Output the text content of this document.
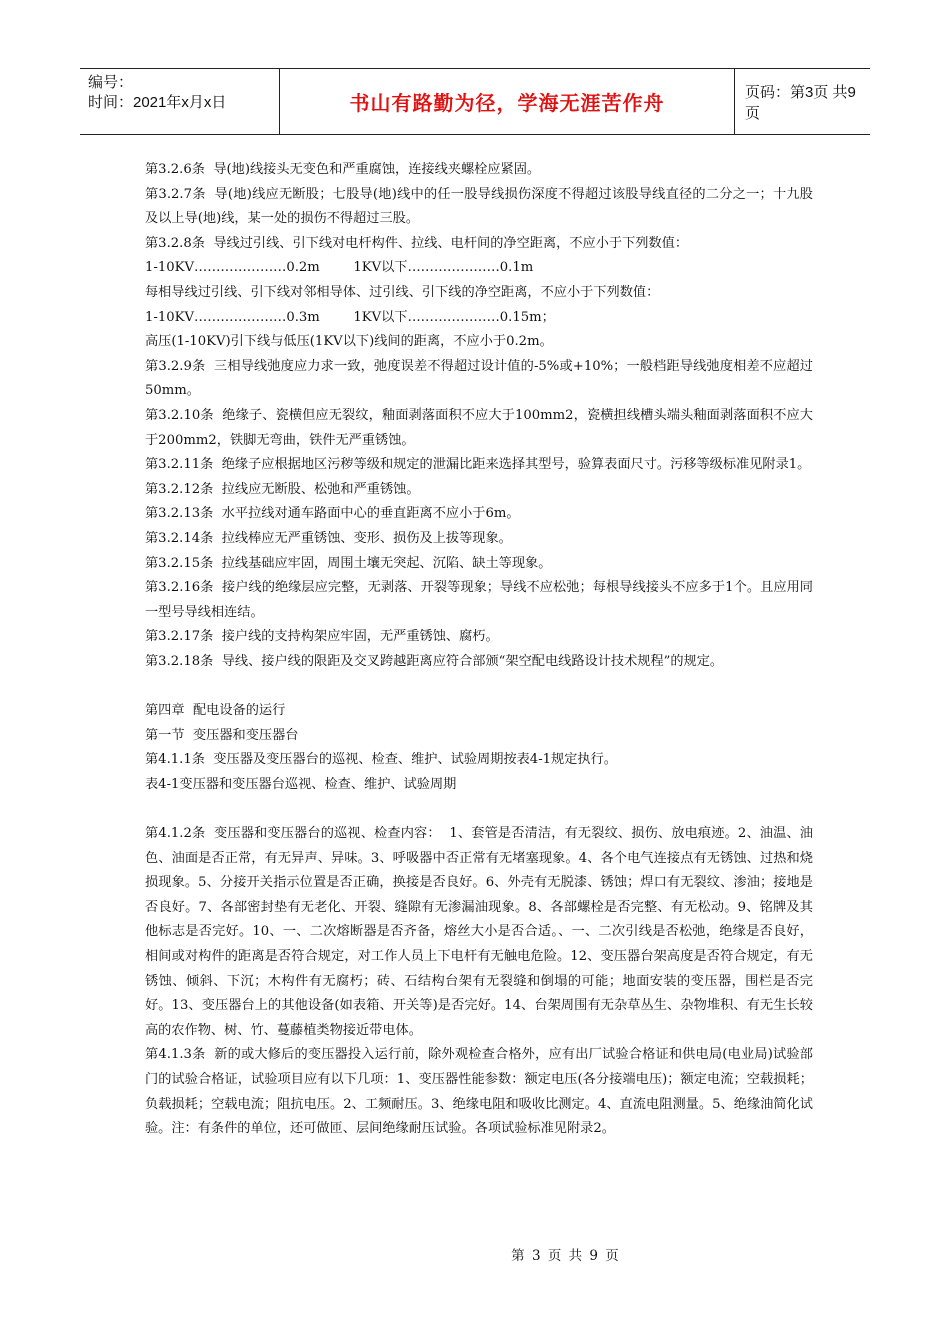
编号：
时间：2021年x月x日	书山有路勤为径，学海无涯苦作舟	页码：第3页 共9页

第3.2.6条  导(地)线接头无变色和严重腐蚀，连接线夹螺栓应紧固。

第3.2.7条  导(地)线应无断股；七股导(地)线中的任一股导线损伤深度不得超过该股导线直径的二分之一；十九股及以上导(地)线，某一处的损伤不得超过三股。

第3.2.8条  导线过引线、引下线对电杆构件、拉线、电杆间的净空距离，不应小于下列数值：

1-10KV…………………0.2m        1KV以下…………………0.1m

每相导线过引线、引下线对邻相导体、过引线、引下线的净空距离，不应小于下列数值：

1-10KV…………………0.3m        1KV以下…………………0.15m；

高压(1-10KV)引下线与低压(1KV以下)线间的距离，不应小于0.2m。

第3.2.9条  三相导线弛度应力求一致，弛度误差不得超过设计值的-5%或+10%；一般档距导线弛度相差不应超过50mm。

第3.2.10条  绝缘子、瓷横但应无裂纹，釉面剥落面积不应大于100mm2，瓷横担线槽头端头釉面剥落面积不应大于200mm2，铁脚无弯曲，铁件无严重锈蚀。

第3.2.11条  绝缘子应根据地区污秽等级和规定的泄漏比距来选择其型号，验算表面尺寸。污移等级标准见附录1。

第3.2.12条  拉线应无断股、松弛和严重锈蚀。

第3.2.13条  水平拉线对通车路面中心的垂直距离不应小于6m。

第3.2.14条  拉线棒应无严重锈蚀、变形、损伤及上拔等现象。

第3.2.15条  拉线基础应牢固，周围土壤无突起、沉陷、缺土等现象。

第3.2.16条  接户线的绝缘层应完整，无剥落、开裂等现象；导线不应松弛；每根导线接头不应多于1个。且应用同一型号导线相连结。

第3.2.17条  接户线的支持构架应牢固，无严重锈蚀、腐朽。

第3.2.18条  导线、接户线的限距及交叉跨越距离应符合部颁“架空配电线路设计技术规程”的规定。

第四章  配电设备的运行

第一节  变压器和变压器台

第4.1.1条  变压器及变压器台的巡视、检查、维护、试验周期按表4-1规定执行。

表4-1变压器和变压器台巡视、检查、维护、试验周期

第4.1.2条  变压器和变压器台的巡视、检查内容：  1、套管是否清洁，有无裂纹、损伤、放电痕迹。2、油温、油色、油面是否正常，有无异声、异味。3、呼吸器中否正常有无堵塞现象。4、各个电气连接点有无锈蚀、过热和烧损现象。5、分接开关指示位置是否正确，换接是否良好。6、外壳有无脱漆、锈蚀；焊口有无裂纹、渗油；接地是否良好。7、各部密封垫有无老化、开裂、缝隙有无渗漏油现象。8、各部螺栓是否完整、有无松动。9、铭牌及其他标志是否完好。10、一、二次熔断器是否齐备，熔丝大小是否合适。、一、二次引线是否松弛，绝缘是否良好，相间或对构件的距离是否符合规定，对工作人员上下电杆有无触电危险。12、变压器台架高度是否符合规定，有无锈蚀、倾斜、下沉；木构件有无腐朽；砖、石结构台架有无裂缝和倒塌的可能；地面安装的变压器，围栏是否完好。13、变压器台上的其他设备(如表箱、开关等)是否完好。14、台架周围有无杂草丛生、杂物堆积、有无生长较高的农作物、树、竹、蔓藤植类物接近带电体。

第4.1.3条  新的或大修后的变压器投入运行前，除外观检查合格外，应有出厂试验合格证和供电局(电业局)试验部门的试验合格证，试验项目应有以下几项：1、变压器性能参数：额定电压(各分接端电压)；额定电流；空载损耗；负载损耗；空载电流；阻抗电压。2、工频耐压。3、绝缘电阻和吸收比测定。4、直流电阻测量。5、绝缘油简化试验。注：有条件的单位，还可做匝、层间绝缘耐压试验。各项试验标准见附录2。

第 3 页 共 9 页
